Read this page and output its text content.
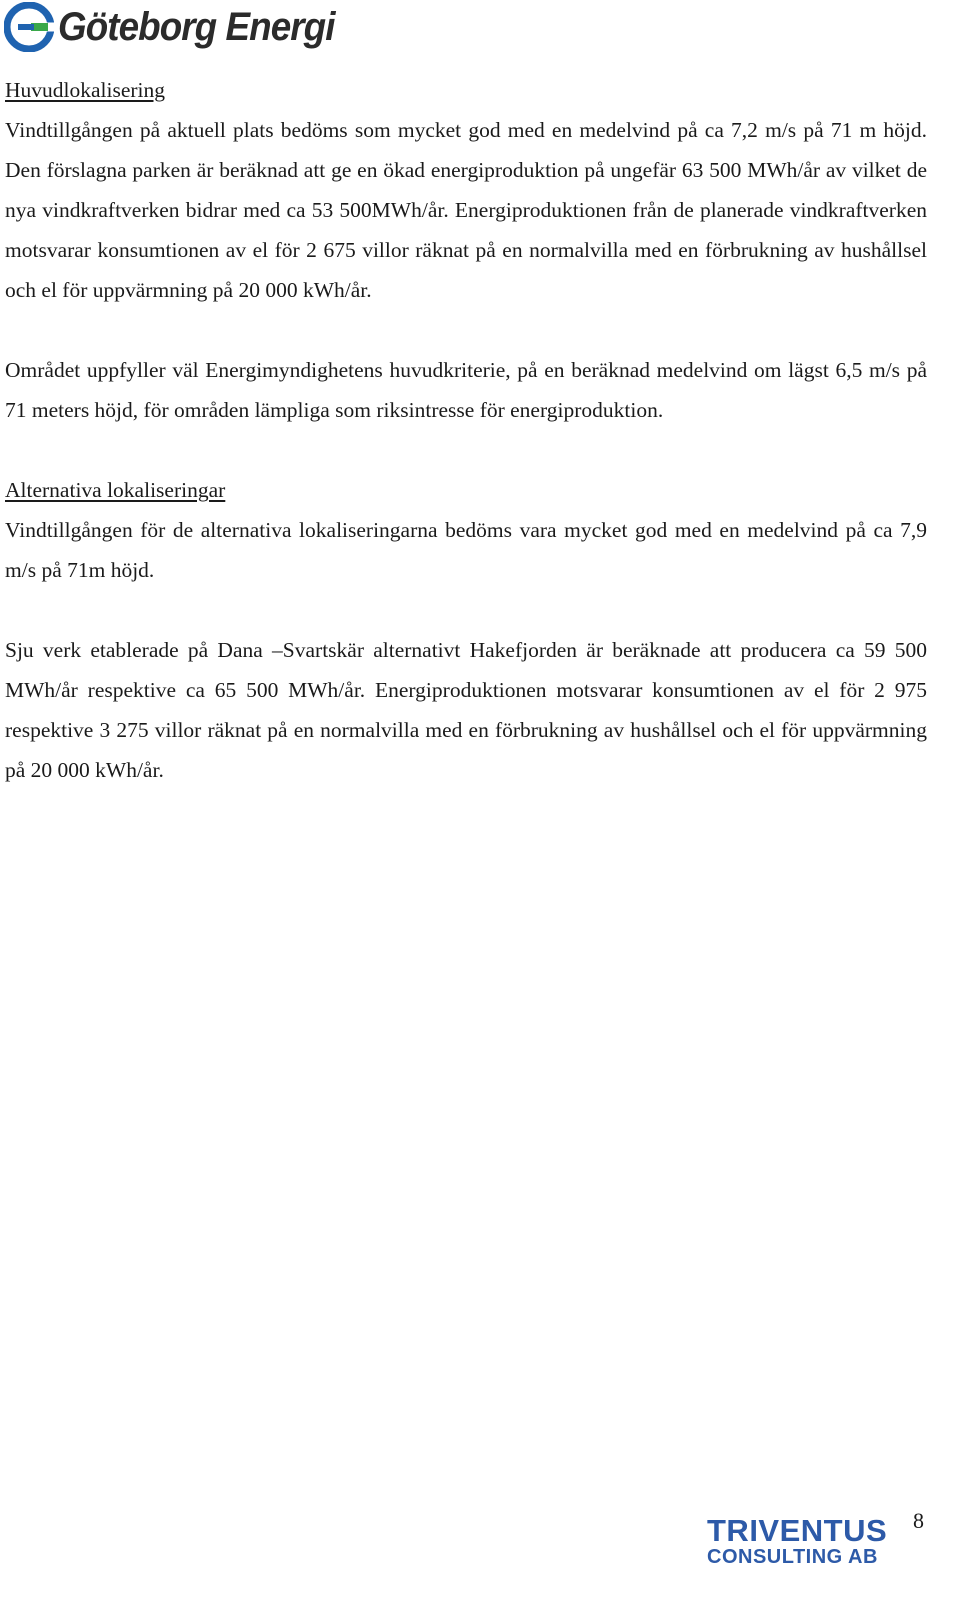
Göteborg Energi
Huvudlokalisering

Vindtillgången på aktuell plats bedöms som mycket god med en medelvind på ca 7,2 m/s på 71 m höjd. Den förslagna parken är beräknad att ge en ökad energiproduktion på ungefär 63 500 MWh/år av vilket de nya vindkraftverken bidrar med ca 53 500MWh/år. Energiproduktionen från de planerade vindkraftverken motsvarar konsumtionen av el för 2 675 villor räknat på en normalvilla med en förbrukning av hushållsel och el för uppvärmning på 20 000 kWh/år.

Området uppfyller väl Energimyndighetens huvudkriterie, på en beräknad medelvind om lägst 6,5 m/s på 71 meters höjd, för områden lämpliga som riksintresse för energiproduktion.

Alternativa lokaliseringar

Vindtillgången för de alternativa lokaliseringarna bedöms vara mycket god med en medelvind på ca 7,9 m/s på 71m höjd.

Sju verk etablerade på Dana –Svartskär alternativt Hakefjorden är beräknade att producera ca 59 500 MWh/år respektive ca 65 500 MWh/år. Energiproduktionen motsvarar konsumtionen av el för 2 975 respektive 3 275 villor räknat på en normalvilla med en förbrukning av hushållsel och el för uppvärmning på 20 000 kWh/år.

TRIVENTUS
CONSULTING AB
8
